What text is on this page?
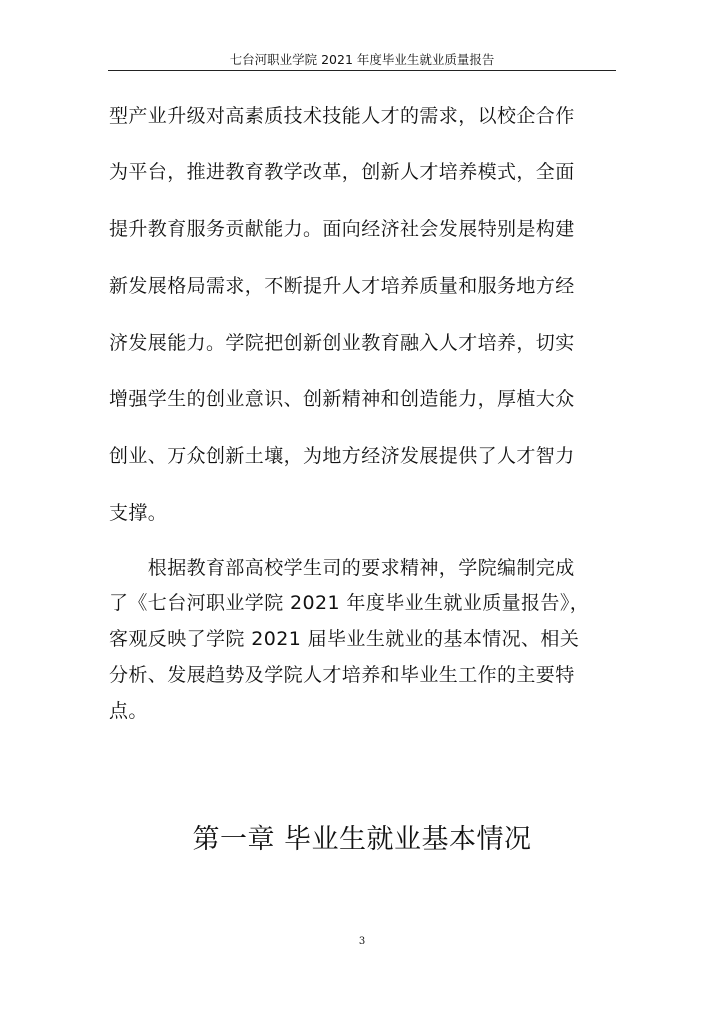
七台河职业学院 2021 年度毕业生就业质量报告

型产业升级对高素质技术技能人才的需求，以校企合作

为平台，推进教育教学改革，创新人才培养模式，全面

提升教育服务贡献能力。面向经济社会发展特别是构建

新发展格局需求，不断提升人才培养质量和服务地方经

济发展能力。学院把创新创业教育融入人才培养，切实

增强学生的创业意识、创新精神和创造能力，厚植大众

创业、万众创新土壤，为地方经济发展提供了人才智力

支撑。

　　根据教育部高校学生司的要求精神，学院编制完成

了《七台河职业学院 2021 年度毕业生就业质量报告》，

客观反映了学院 2021 届毕业生就业的基本情况、相关

分析、发展趋势及学院人才培养和毕业生工作的主要特

点。

第一章 毕业生就业基本情况
3
